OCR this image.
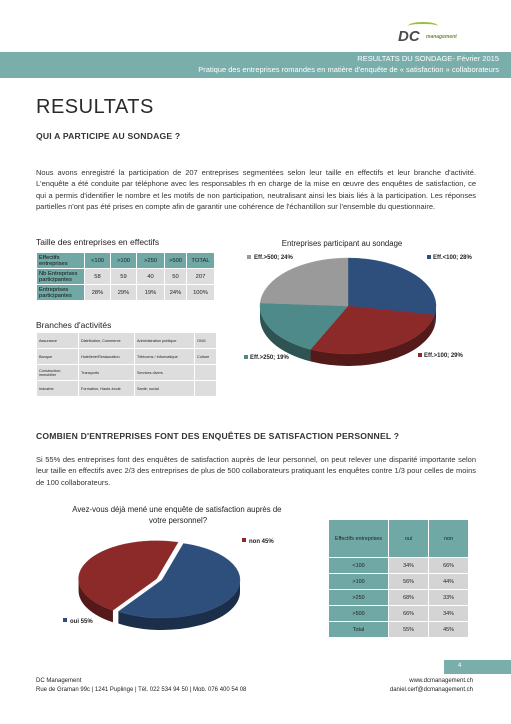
DC management
RESULTATS DU SONDAGE- Février 2015
Pratique des entreprises romandes en matière d'enquête de « satisfaction » collaborateurs
RESULTATS
QUI A PARTICIPE AU SONDAGE ?
Nous avons enregistré la participation de 207 entreprises segmentées selon leur taille en effectifs et leur branche d'activité. L'enquête a été conduite par téléphone avec les responsables rh en charge de la mise en œuvre des enquêtes de satisfaction, ce qui a permis d'identifier le nombre et les motifs de non participation, neutralisant ainsi les biais liés à la participation. Les réponses partielles n'ont pas été prises en compte afin de garantir une cohérence de l'échantillon sur l'ensemble du questionnaire.
Taille des entreprises en effectifs
Effectifs entreprises	<100	>100	>250	>500	TOTAL
Nb Entreprises participantes	58	59	40	50	207
Entreprises participantes	28%	29%	19%	24%	100%
Branches d'activités
Assurance	Distribution, Commerce	Administration publique	ONG
Banque	Hotellerie/Restauration	Télécoms / Informatique	Culture
Construction, immobilier	Transports	Services divers	
Industrie	Formation, Haute-école	Santé, social	
Entreprises participant au sondage
Eff.>500; 24%	Eff.<100; 28%
Eff.>100; 29%
Eff.>250; 19%
COMBIEN D'ENTREPRISES FONT DES ENQUÊTES DE SATISFACTION PERSONNEL ?
Si 55% des entreprises font des enquêtes de satisfaction auprès de leur personnel, on peut relever une disparité importante selon leur taille en effectifs avec 2/3 des entreprises de plus de 500 collaborateurs pratiquant les enquêtes contre 1/3 pour celles de moins de 100 collaborateurs.
Avez-vous déjà mené une enquête de satisfaction auprès de votre personnel?
non 45%
oui 55%
Effectifs entreprises	oui	non
<100	34%	66%
>100	56%	44%
>250	68%	33%
>500	66%	34%
Total	55%	45%
4
DC Management
Rue de Graman 99c | 1241 Puplinge | Tél. 022 534 94 50 | Mob. 076 400 54 08
www.dcmanagement.ch
daniel.cerf@dcmanagement.ch
